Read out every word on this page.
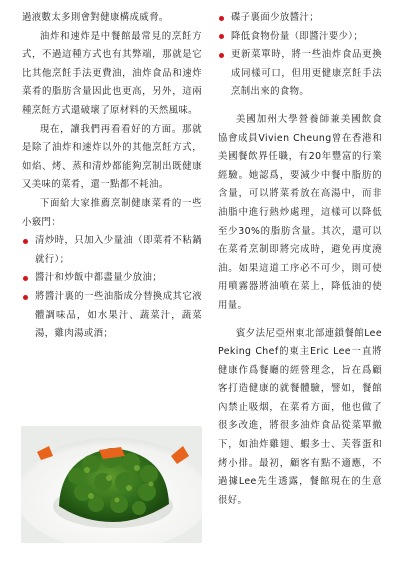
過液數太多則會對健康構成威脅。

油炸和速炸是中餐館最常見的烹飪方式，不過這種方式也有其弊端，那就是它比其他烹飪手法更費油，油炸食品和速炸菜肴的脂肪含量因此也更高，另外，這兩種烹飪方式還破壞了原材料的天然風味。

現在，讓我們再看看好的方面。那就是除了油炸和速炸以外的其他烹飪方式，如焰、烤、蒸和清炒都能夠烹制出既健康又美味的菜肴，還一點都不耗油。

下面給大家推薦烹制健康菜肴的一些小竅門：

清炒時，只加入少量油（即菜肴不粘鍋就行）；
醬汁和炒飯中都盡量少放油；
將醬汁裏的一些油脂成分替換成其它液體調味品，如水果汁、蔬菜汁，蔬菜湯，雞肉湯或酒；
碟子裏面少放醬汁；
降低食物份量（即醬汁要少）；
更新菜單時，將一些油炸食品更換成同樣可口，但用更健康烹飪手法烹制出來的食物。

美國加州大學營養師兼美國飲食協會成員Vivien Cheung曾在香港和美國餐飲界任職，有20年豐富的行業經驗。她認爲，要減少中餐中脂肪的含量，可以將菜肴放在高湯中，而非油脂中進行熱炒處理，這樣可以降低至少30%的脂肪含量。其次，還可以在菜肴烹制即將完成時，避免再度澆油。如果這道工序必不可少，則可使用噴霧器將油噴在菜上，降低油的使用量。

賓夕法尼亞州東北部連鎖餐館Lee Peking Chef的東主Eric Lee一直將健康作爲餐廳的經營理念，旨在爲顧客打造健康的就餐體驗，譬如，餐館內禁止吸烟，在菜肴方面，他也做了很多改進，將很多油炸食品從菜單撤下，如油炸雞翅、蝦多士、芙蓉蛋和烤小排。最初，顧客有點不適應，不過據Lee先生透露，餐館現在的生意很好。
